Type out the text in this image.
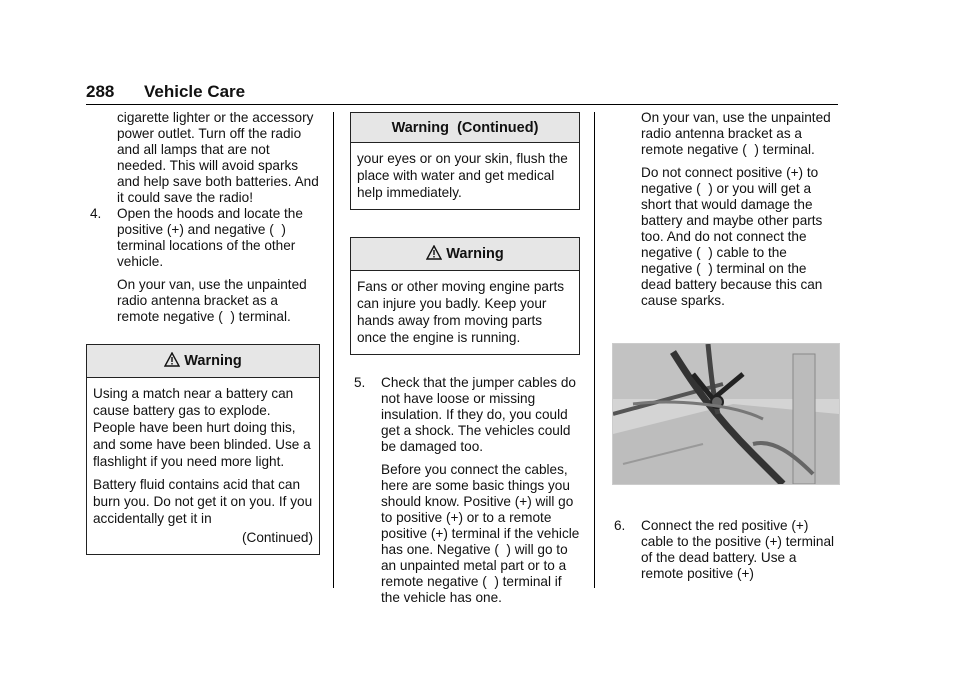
288 Vehicle Care

cigarette lighter or the accessory power outlet. Turn off the radio and all lamps that are not needed. This will avoid sparks and help save both batteries. And it could save the radio!

4. Open the hoods and locate the positive (+) and negative (  ) terminal locations of the other vehicle.

On your van, use the unpainted radio antenna bracket as a remote negative (  ) terminal.

Warning

Using a match near a battery can cause battery gas to explode. People have been hurt doing this, and some have been blinded. Use a flashlight if you need more light.

Battery fluid contains acid that can burn you. Do not get it on you. If you accidentally get it in

(Continued)

Warning  (Continued)

your eyes or on your skin, flush the place with water and get medical help immediately.

Warning

Fans or other moving engine parts can injure you badly. Keep your hands away from moving parts once the engine is running.

5. Check that the jumper cables do not have loose or missing insulation. If they do, you could get a shock. The vehicles could be damaged too.

Before you connect the cables, here are some basic things you should know. Positive (+) will go to positive (+) or to a remote positive (+) terminal if the vehicle has one. Negative (  ) will go to an unpainted metal part or to a remote negative (  ) terminal if the vehicle has one.

On your van, use the unpainted radio antenna bracket as a remote negative (  ) terminal.

Do not connect positive (+) to negative (  ) or you will get a short that would damage the battery and maybe other parts too. And do not connect the negative (  ) cable to the negative (  ) terminal on the dead battery because this can cause sparks.

6. Connect the red positive (+) cable to the positive (+) terminal of the dead battery. Use a remote positive (+)
